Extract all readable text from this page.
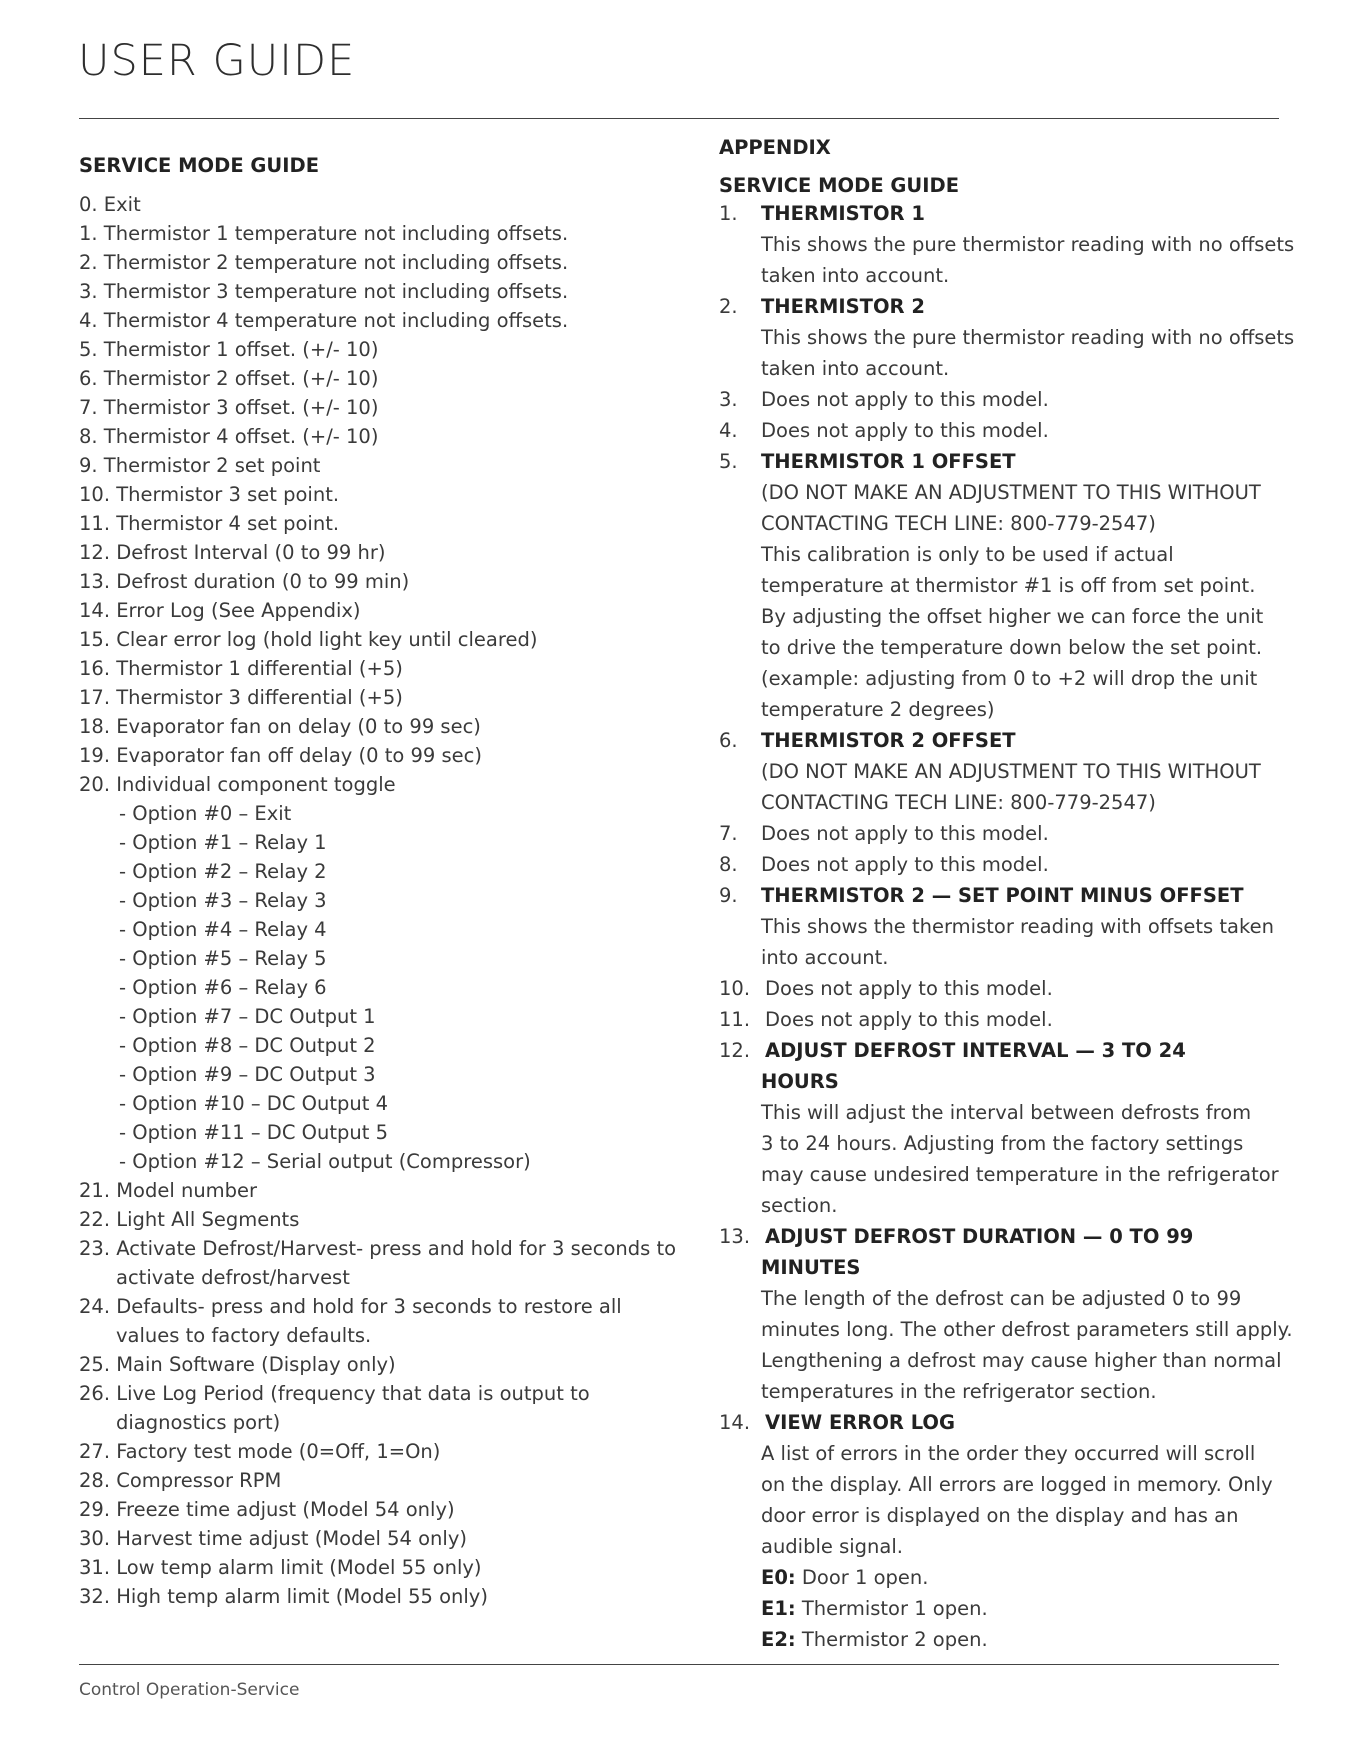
USER GUIDE
SERVICE MODE GUIDE
0. Exit
1. Thermistor 1 temperature not including offsets.
2. Thermistor 2 temperature not including offsets.
3. Thermistor 3 temperature not including offsets.
4. Thermistor 4 temperature not including offsets.
5. Thermistor 1 offset. (+/- 10)
6. Thermistor 2 offset. (+/- 10)
7. Thermistor 3 offset. (+/- 10)
8. Thermistor 4 offset. (+/- 10)
9. Thermistor 2 set point
10. Thermistor 3 set point.
11. Thermistor 4 set point.
12. Defrost Interval (0 to 99 hr)
13. Defrost duration (0 to 99 min)
14. Error Log (See Appendix)
15. Clear error log (hold light key until cleared)
16. Thermistor 1 differential (+5)
17. Thermistor 3 differential (+5)
18. Evaporator fan on delay (0 to 99 sec)
19. Evaporator fan off delay (0 to 99 sec)
20. Individual component toggle
- Option #0 – Exit
- Option #1 – Relay 1
- Option #2 – Relay 2
- Option #3 – Relay 3
- Option #4 – Relay 4
- Option #5 – Relay 5
- Option #6 – Relay 6
- Option #7 – DC Output 1
- Option #8 – DC Output 2
- Option #9 – DC Output 3
- Option #10 – DC Output 4
- Option #11 – DC Output 5
- Option #12 – Serial output (Compressor)
21. Model number
22. Light All Segments
23. Activate Defrost/Harvest- press and hold for 3 seconds to activate defrost/harvest
24. Defaults- press and hold for 3 seconds to restore all values to factory defaults.
25. Main Software (Display only)
26. Live Log Period (frequency that data is output to diagnostics port)
27. Factory test mode (0=Off, 1=On)
28. Compressor RPM
29. Freeze time adjust (Model 54 only)
30. Harvest time adjust (Model 54 only)
31. Low temp alarm limit (Model 55 only)
32. High temp alarm limit (Model 55 only)
APPENDIX
SERVICE MODE GUIDE
1. THERMISTOR 1
This shows the pure thermistor reading with no offsets
taken into account.
2. THERMISTOR 2
This shows the pure thermistor reading with no offsets
taken into account.
3. Does not apply to this model.
4. Does not apply to this model.
5. THERMISTOR 1 OFFSET
(DO NOT MAKE AN ADJUSTMENT TO THIS WITHOUT
CONTACTING TECH LINE: 800-779-2547)
This calibration is only to be used if actual
temperature at thermistor #1 is off from set point.
By adjusting the offset higher we can force the unit
to drive the temperature down below the set point.
(example: adjusting from 0 to +2 will drop the unit
temperature 2 degrees)
6. THERMISTOR 2 OFFSET
(DO NOT MAKE AN ADJUSTMENT TO THIS WITHOUT
CONTACTING TECH LINE: 800-779-2547)
7. Does not apply to this model.
8. Does not apply to this model.
9. THERMISTOR 2 — SET POINT MINUS OFFSET
This shows the thermistor reading with offsets taken
into account.
10. Does not apply to this model.
11. Does not apply to this model.
12. ADJUST DEFROST INTERVAL — 3 TO 24
HOURS
This will adjust the interval between defrosts from
3 to 24 hours. Adjusting from the factory settings
may cause undesired temperature in the refrigerator
section.
13. ADJUST DEFROST DURATION — 0 TO 99
MINUTES
The length of the defrost can be adjusted 0 to 99
minutes long. The other defrost parameters still apply.
Lengthening a defrost may cause higher than normal
temperatures in the refrigerator section.
14. VIEW ERROR LOG
A list of errors in the order they occurred will scroll
on the display. All errors are logged in memory. Only
door error is displayed on the display and has an
audible signal.
E0: Door 1 open.
E1: Thermistor 1 open.
E2: Thermistor 2 open.
Control Operation-Service
